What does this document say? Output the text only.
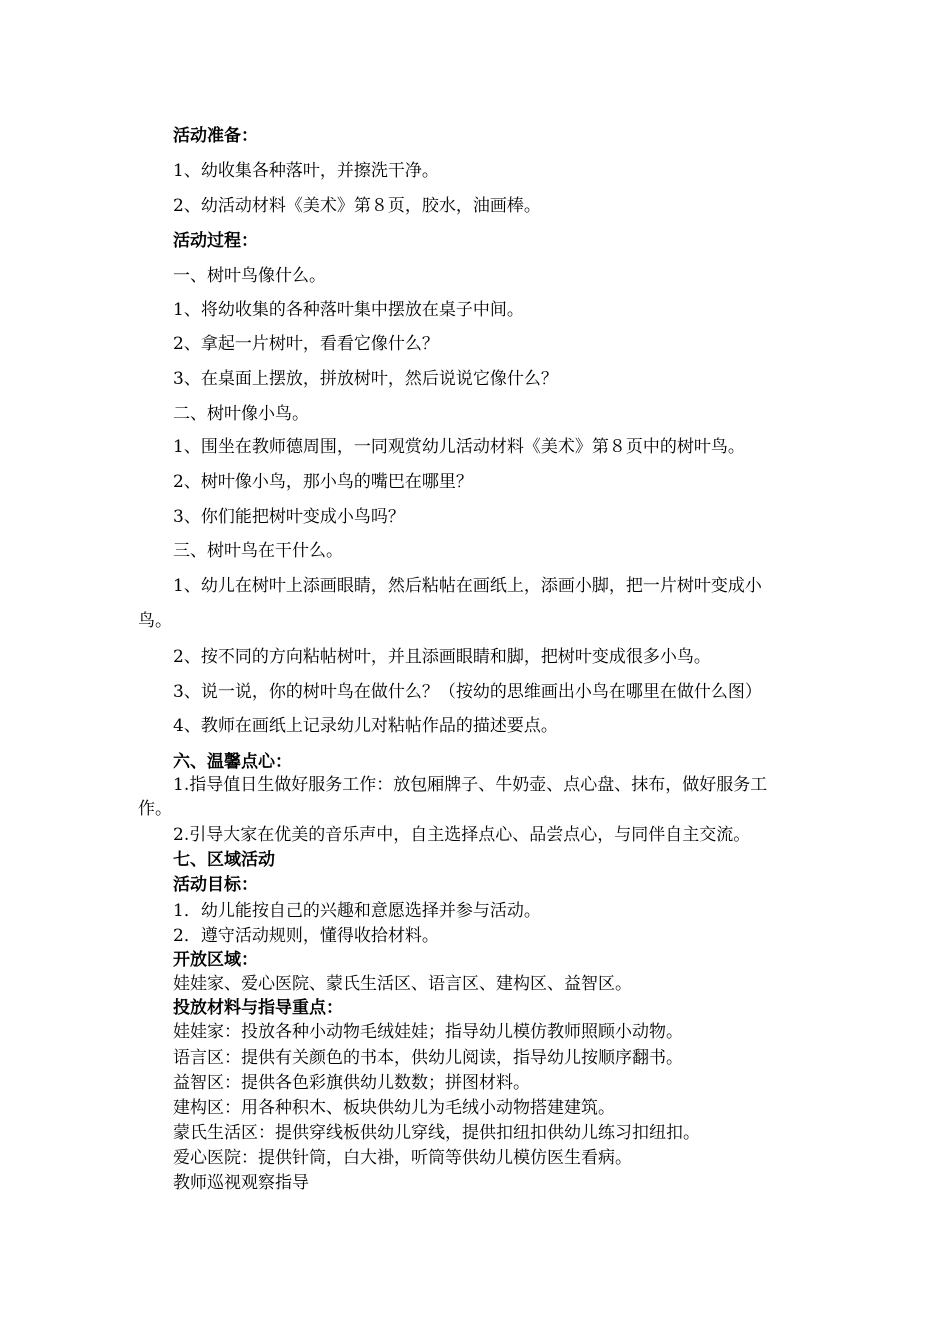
活动准备：
1、幼收集各种落叶，并擦洗干净。
2、幼活动材料《美术》第８页，胶水，油画棒。
活动过程：
一、树叶鸟像什么。
1、将幼收集的各种落叶集中摆放在桌子中间。
2、拿起一片树叶，看看它像什么？
3、在桌面上摆放，拼放树叶，然后说说它像什么？
二、树叶像小鸟。
1、围坐在教师德周围，一同观赏幼儿活动材料《美术》第８页中的树叶鸟。
2、树叶像小鸟，那小鸟的嘴巴在哪里？
3、你们能把树叶变成小鸟吗？
三、树叶鸟在干什么。
1、幼儿在树叶上添画眼睛，然后粘帖在画纸上，添画小脚，把一片树叶变成小
鸟。
2、按不同的方向粘帖树叶，并且添画眼睛和脚，把树叶变成很多小鸟。
3、说一说，你的树叶鸟在做什么？（按幼的思维画出小鸟在哪里在做什么图）
4、教师在画纸上记录幼儿对粘帖作品的描述要点。
六、温馨点心：
1.指导值日生做好服务工作：放包厢牌子、牛奶壶、点心盘、抹布，做好服务工
作。
2.引导大家在优美的音乐声中，自主选择点心、品尝点心，与同伴自主交流。
七、区域活动
活动目标：
1．幼儿能按自己的兴趣和意愿选择并参与活动。
2．遵守活动规则，懂得收拾材料。
开放区域：
娃娃家、爱心医院、蒙氏生活区、语言区、建构区、益智区。
投放材料与指导重点：
娃娃家：投放各种小动物毛绒娃娃；指导幼儿模仿教师照顾小动物。
语言区：提供有关颜色的书本，供幼儿阅读，指导幼儿按顺序翻书。
益智区：提供各色彩旗供幼儿数数；拼图材料。
建构区：用各种积木、板块供幼儿为毛绒小动物搭建建筑。
蒙氏生活区：提供穿线板供幼儿穿线，提供扣纽扣供幼儿练习扣纽扣。
爱心医院：提供针筒，白大褂，听筒等供幼儿模仿医生看病。
教师巡视观察指导
